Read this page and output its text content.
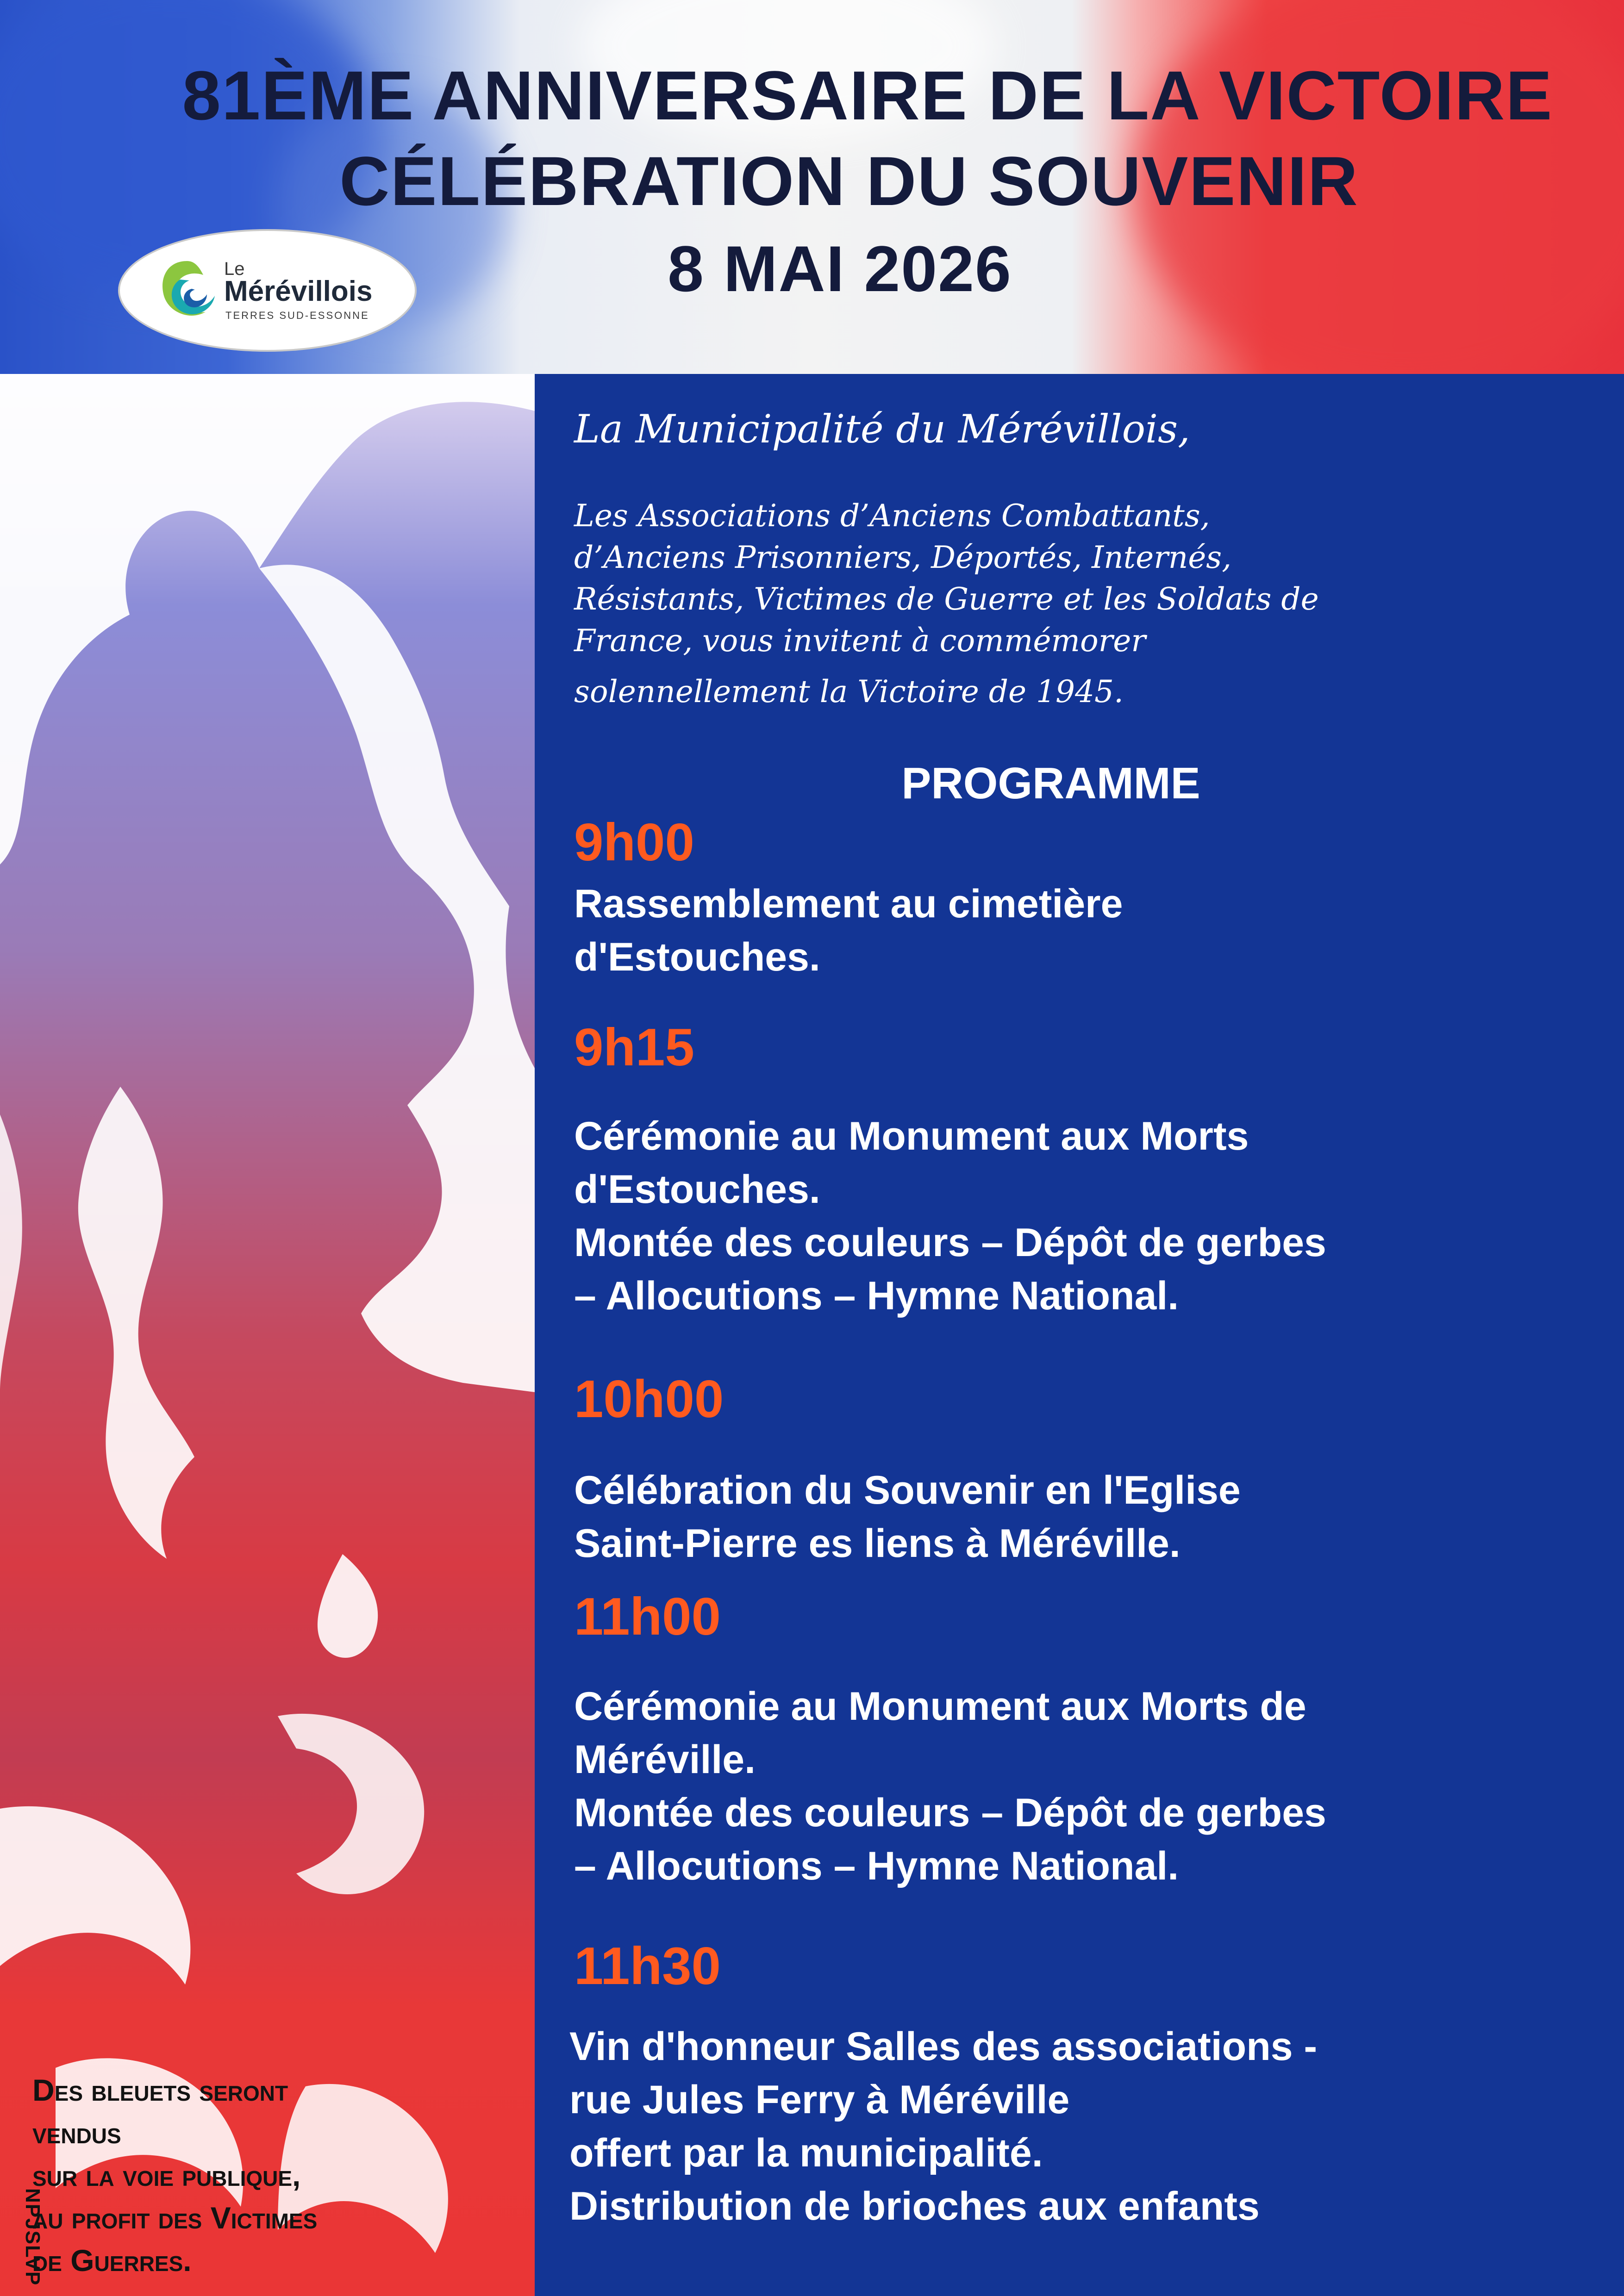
81ÈME ANNIVERSAIRE DE LA VICTOIRE
CÉLÉBRATION DU SOUVENIR
8 MAI 2026
Le
Mérévillois
TERRES SUD-ESSONNE
NPJSLVP
Des bleuets seront
vendus
sur la voie publique,
au profit des Victimes
de Guerres.
La Municipalité du Mérévillois,
Les Associations d’Anciens Combattants,
d’Anciens Prisonniers, Déportés, Internés,
Résistants, Victimes de Guerre et les Soldats de
France, vous invitent à commémorer
solennellement la Victoire de 1945.
PROGRAMME
9h00
Rassemblement au cimetière
d'Estouches.
9h15
Cérémonie au Monument aux Morts
d'Estouches.
Montée des couleurs – Dépôt de gerbes
– Allocutions – Hymne National.
10h00
Célébration du Souvenir en l'Eglise
Saint-Pierre es liens à Méréville.
11h00
Cérémonie au Monument aux Morts de
Méréville.
Montée des couleurs – Dépôt de gerbes
– Allocutions – Hymne National.
11h30
Vin d'honneur Salles des associations -
rue Jules Ferry à Méréville
offert par la municipalité.
Distribution de brioches aux enfants
